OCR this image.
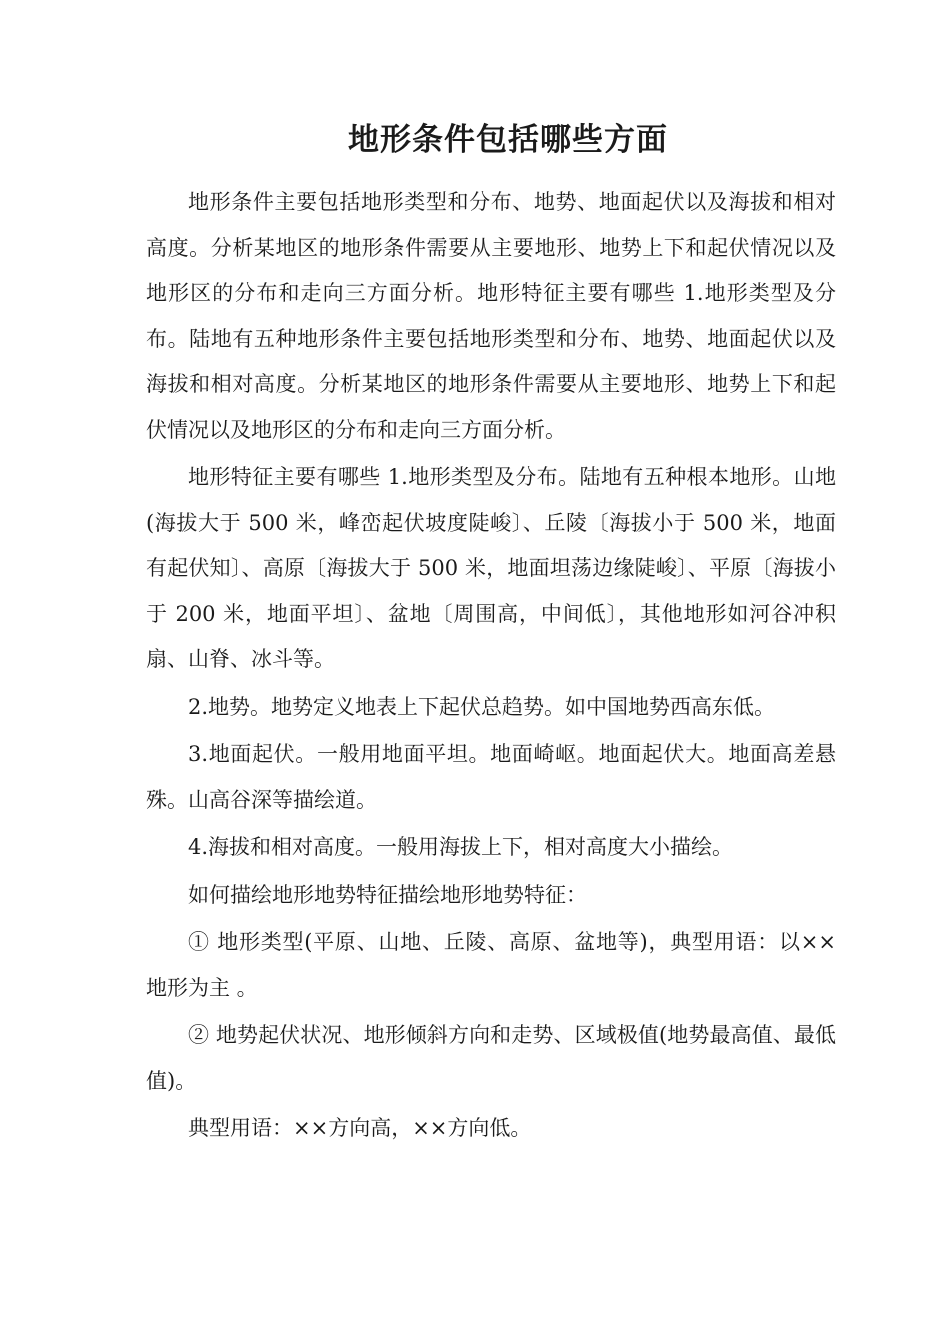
地形条件包括哪些方面

地形条件主要包括地形类型和分布、地势、地面起伏以及海拔和相对高度。分析某地区的地形条件需要从主要地形、地势上下和起伏情况以及地形区的分布和走向三方面分析。地形特征主要有哪些 1.地形类型及分布。陆地有五种地形条件主要包括地形类型和分布、地势、地面起伏以及海拔和相对高度。分析某地区的地形条件需要从主要地形、地势上下和起伏情况以及地形区的分布和走向三方面分析。

地形特征主要有哪些 1.地形类型及分布。陆地有五种根本地形。山地(海拔大于 500 米，峰峦起伏坡度陡峻〕、丘陵〔海拔小于 500 米，地面有起伏知〕、高原〔海拔大于 500 米，地面坦荡边缘陡峻〕、平原〔海拔小于 200 米，地面平坦〕、盆地〔周围高，中间低〕，其他地形如河谷冲积扇、山脊、冰斗等。

2.地势。地势定义地表上下起伏总趋势。如中国地势西高东低。

3.地面起伏。一般用地面平坦。地面崎岖。地面起伏大。地面高差悬殊。山高谷深等描绘道。

4.海拔和相对高度。一般用海拔上下，相对高度大小描绘。

如何描绘地形地势特征描绘地形地势特征：

① 地形类型(平原、山地、丘陵、高原、盆地等)，典型用语：以×× 地形为主 。

② 地势起伏状况、地形倾斜方向和走势、区域极值(地势最高值、最低值)。

典型用语：××方向高，××方向低。
